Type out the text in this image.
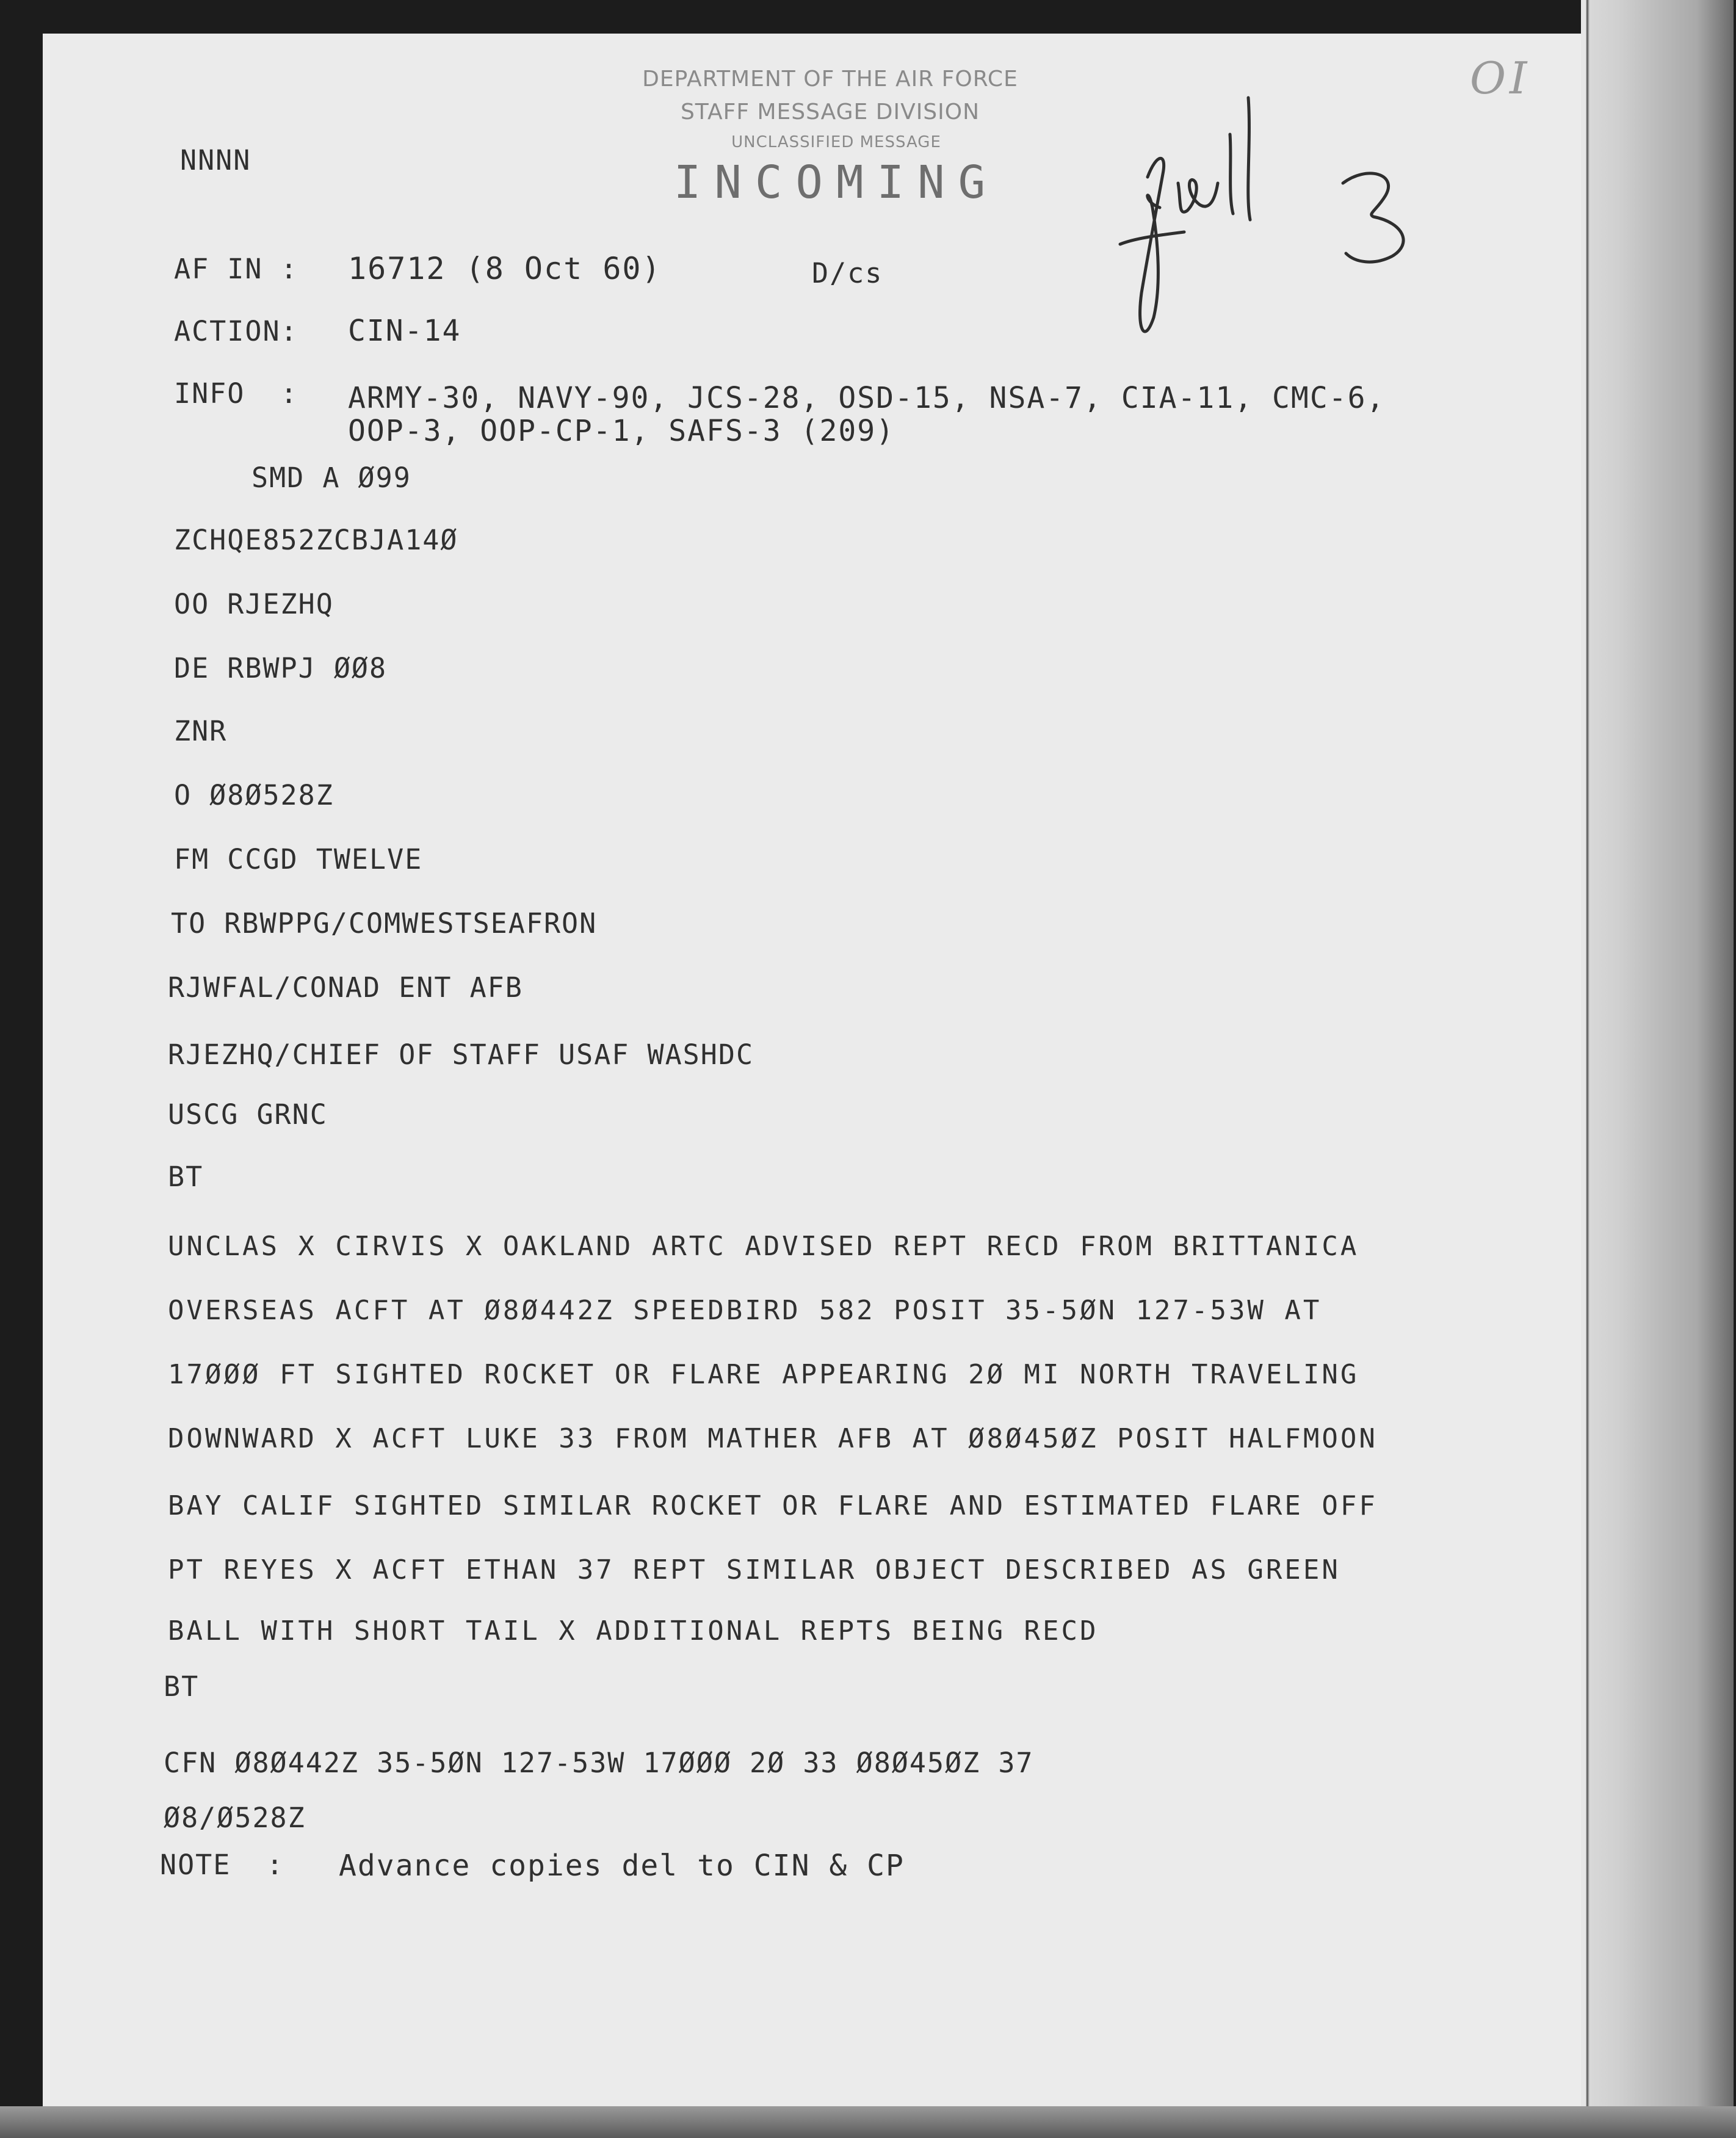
DEPARTMENT OF THE AIR FORCE
STAFF MESSAGE DIVISION
UNCLASSIFIED MESSAGE
INCOMING
OI
NNNN
AF IN : 16712 (8 Oct 60)	D/cs
ACTION: CIN-14
INFO  : ARMY-30, NAVY-90, JCS-28, OSD-15, NSA-7, CIA-11, CMC-6,
OOP-3, OOP-CP-1, SAFS-3 (209)
SMD A Ø99
ZCHQE852ZCBJA14Ø
OO RJEZHQ
DE RBWPJ ØØ8
ZNR
O Ø8Ø528Z
FM CCGD TWELVE
TO RBWPPG/COMWESTSEAFRON
RJWFAL/CONAD ENT AFB
RJEZHQ/CHIEF OF STAFF USAF WASHDC
USCG GRNC
BT
UNCLAS X CIRVIS X OAKLAND ARTC ADVISED REPT RECD FROM BRITTANICA
OVERSEAS ACFT AT Ø8Ø442Z SPEEDBIRD 582 POSIT 35-5ØN 127-53W AT
17ØØØ FT SIGHTED ROCKET OR FLARE APPEARING 2Ø MI NORTH TRAVELING
DOWNWARD X ACFT LUKE 33 FROM MATHER AFB AT Ø8Ø45ØZ POSIT HALFMOON
BAY CALIF SIGHTED SIMILAR ROCKET OR FLARE AND ESTIMATED FLARE OFF
PT REYES X ACFT ETHAN 37 REPT SIMILAR OBJECT DESCRIBED AS GREEN
BALL WITH SHORT TAIL X ADDITIONAL REPTS BEING RECD
BT
CFN Ø8Ø442Z 35-5ØN 127-53W 17ØØØ 2Ø 33 Ø8Ø45ØZ 37
Ø8/Ø528Z
NOTE  : Advance copies del to CIN & CP
